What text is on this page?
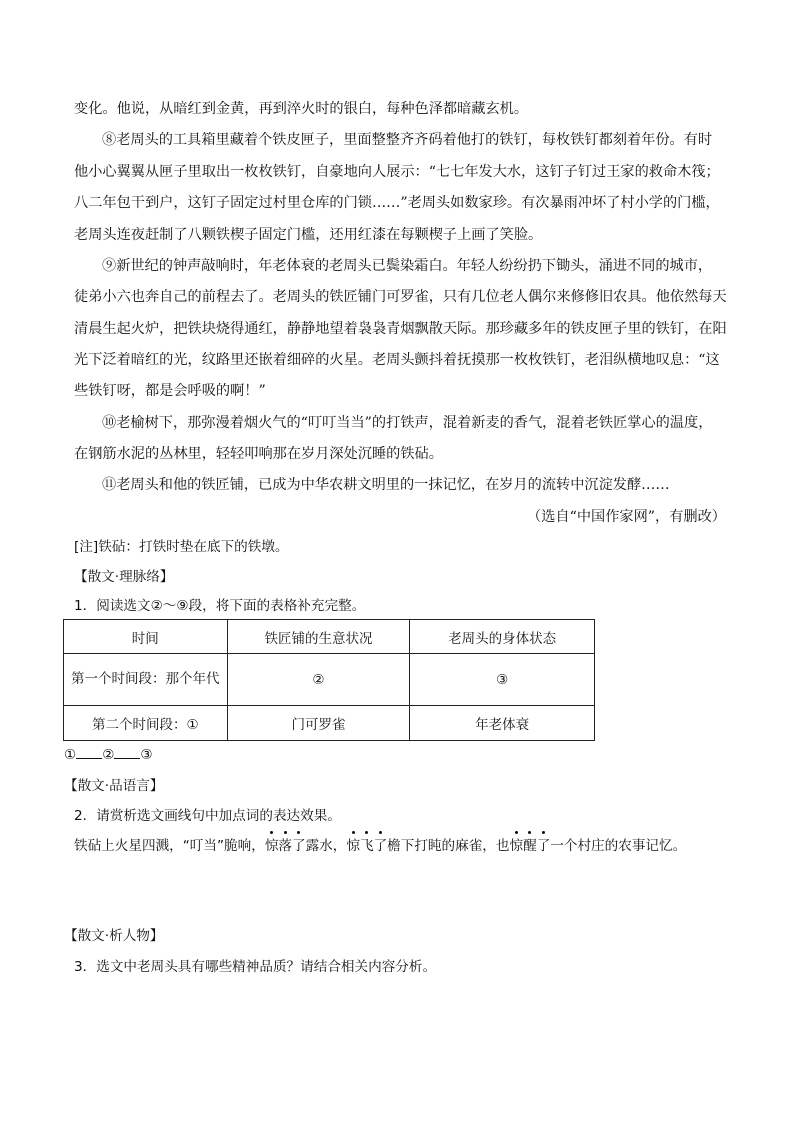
变化。他说，从暗红到金黄，再到淬火时的银白，每种色泽都暗藏玄机。
⑧老周头的工具箱里藏着个铁皮匣子，里面整整齐齐码着他打的铁钉，每枚铁钉都刻着年份。有时
他小心翼翼从匣子里取出一枚枚铁钉，自豪地向人展示：“七七年发大水，这钉子钉过王家的救命木筏；
八二年包干到户，这钉子固定过村里仓库的门锁……”老周头如数家珍。有次暴雨冲坏了村小学的门槛，
老周头连夜赶制了八颗铁楔子固定门槛，还用红漆在每颗楔子上画了笑脸。
⑨新世纪的钟声敲响时，年老体衰的老周头已鬓染霜白。年轻人纷纷扔下锄头，涌进不同的城市，
徒弟小六也奔自己的前程去了。老周头的铁匠铺门可罗雀，只有几位老人偶尔来修修旧农具。他依然每天
清晨生起火炉，把铁块烧得通红，静静地望着袅袅青烟飘散天际。那珍藏多年的铁皮匣子里的铁钉，在阳
光下泛着暗红的光，纹路里还嵌着细碎的火星。老周头颤抖着抚摸那一枚枚铁钉，老泪纵横地叹息：“这
些铁钉呀，都是会呼吸的啊！”
⑩老榆树下，那弥漫着烟火气的“叮叮当当”的打铁声，混着新麦的香气，混着老铁匠掌心的温度，
在钢筋水泥的丛林里，轻轻叩响那在岁月深处沉睡的铁砧。
⑪老周头和他的铁匠铺，已成为中华农耕文明里的一抹记忆，在岁月的流转中沉淀发酵……
（选自“中国作家网”，有删改）
[注]铁砧：打铁时垫在底下的铁墩。
【散文·理脉络】
1．阅读选文②～⑨段，将下面的表格补充完整。
时间	铁匠铺的生意状况	老周头的身体状态
第一个时间段：那个年代	②	③
第二个时间段：①	门可罗雀	年老体衰
① ② ③
【散文·品语言】
2．请赏析选文画线句中加点词的表达效果。
铁砧上火星四溅，“叮当”脆响，惊落了露水，惊飞了檐下打盹的麻雀，也惊醒了一个村庄的农事记忆。
【散文·析人物】
3．选文中老周头具有哪些精神品质？请结合相关内容分析。
